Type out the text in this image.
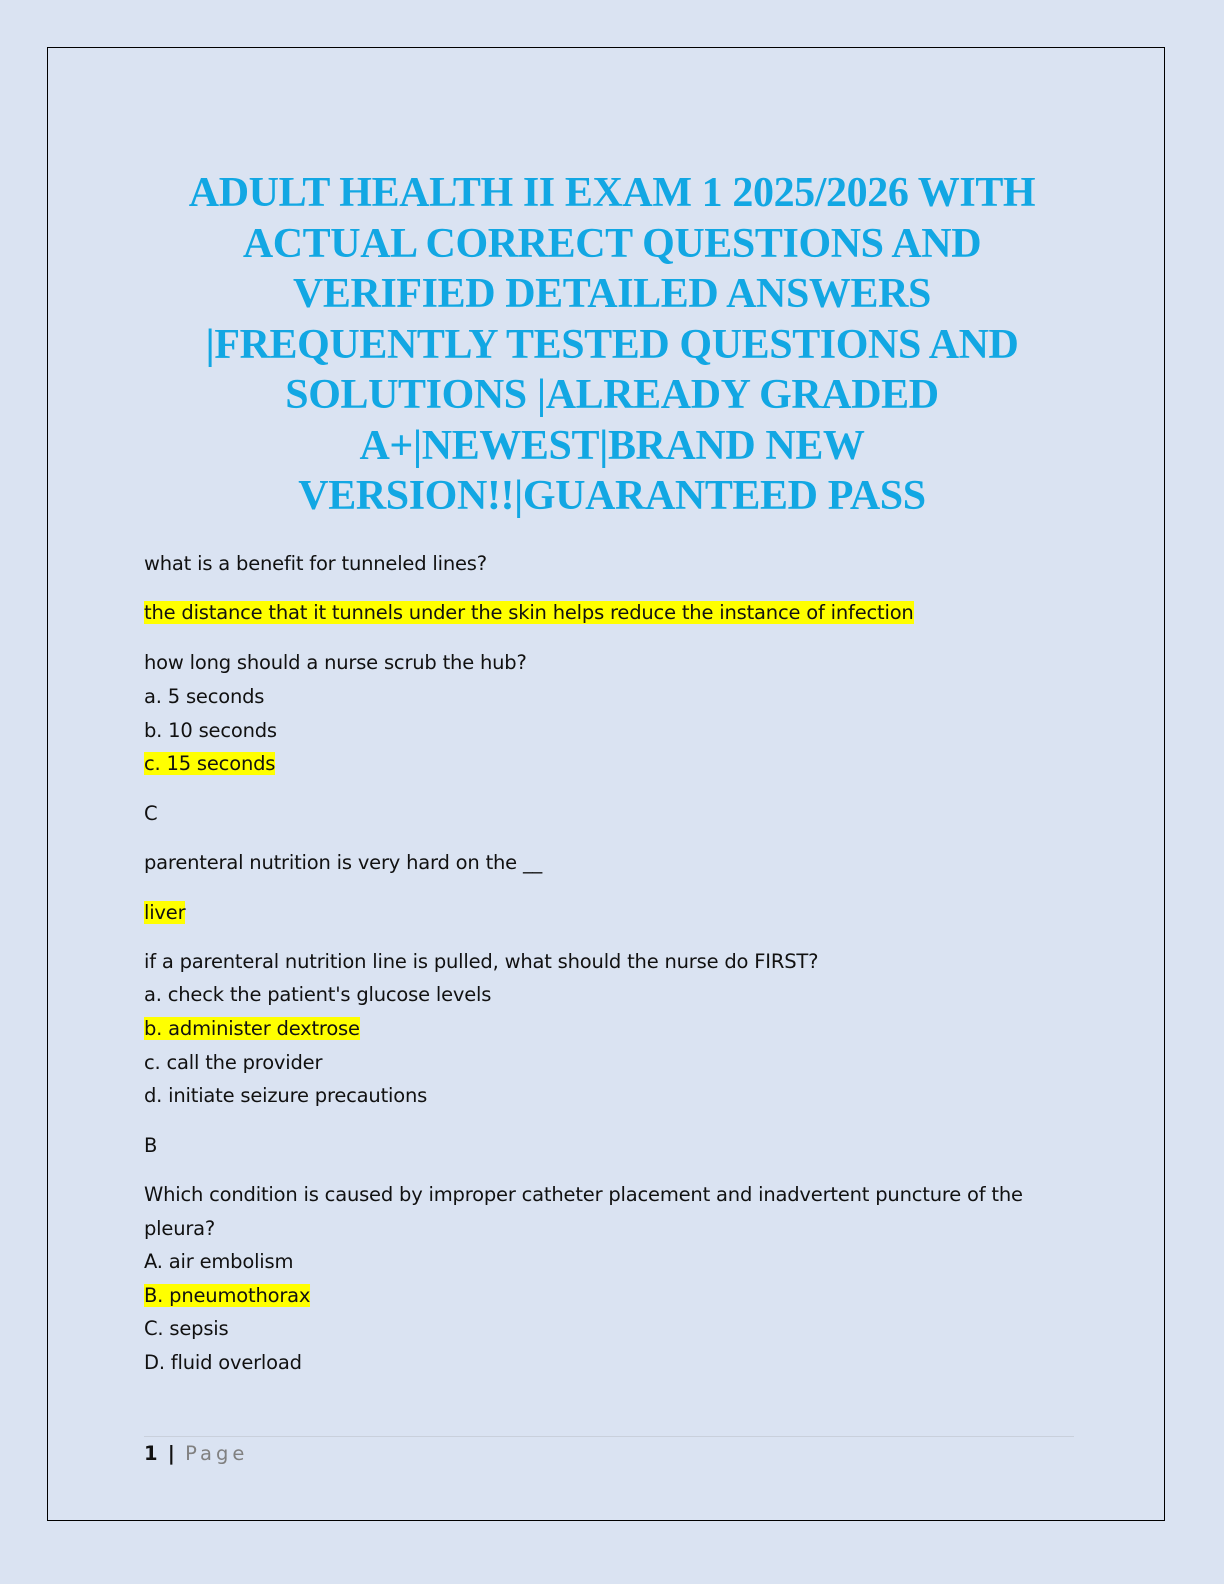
ADULT HEALTH II EXAM 1 2025/2026 WITH
ACTUAL CORRECT QUESTIONS AND
VERIFIED DETAILED ANSWERS
|FREQUENTLY TESTED QUESTIONS AND
SOLUTIONS |ALREADY GRADED
A+|NEWEST|BRAND NEW
VERSION!!|GUARANTEED PASS
what is a benefit for tunneled lines?
the distance that it tunnels under the skin helps reduce the instance of infection
how long should a nurse scrub the hub?
a. 5 seconds
b. 10 seconds
c. 15 seconds
C
parenteral nutrition is very hard on the __
liver
if a parenteral nutrition line is pulled, what should the nurse do FIRST?
a. check the patient's glucose levels
b. administer dextrose
c. call the provider
d. initiate seizure precautions
B
Which condition is caused by improper catheter placement and inadvertent puncture of the
pleura?
A. air embolism
B. pneumothorax
C. sepsis
D. fluid overload
1 | Page
